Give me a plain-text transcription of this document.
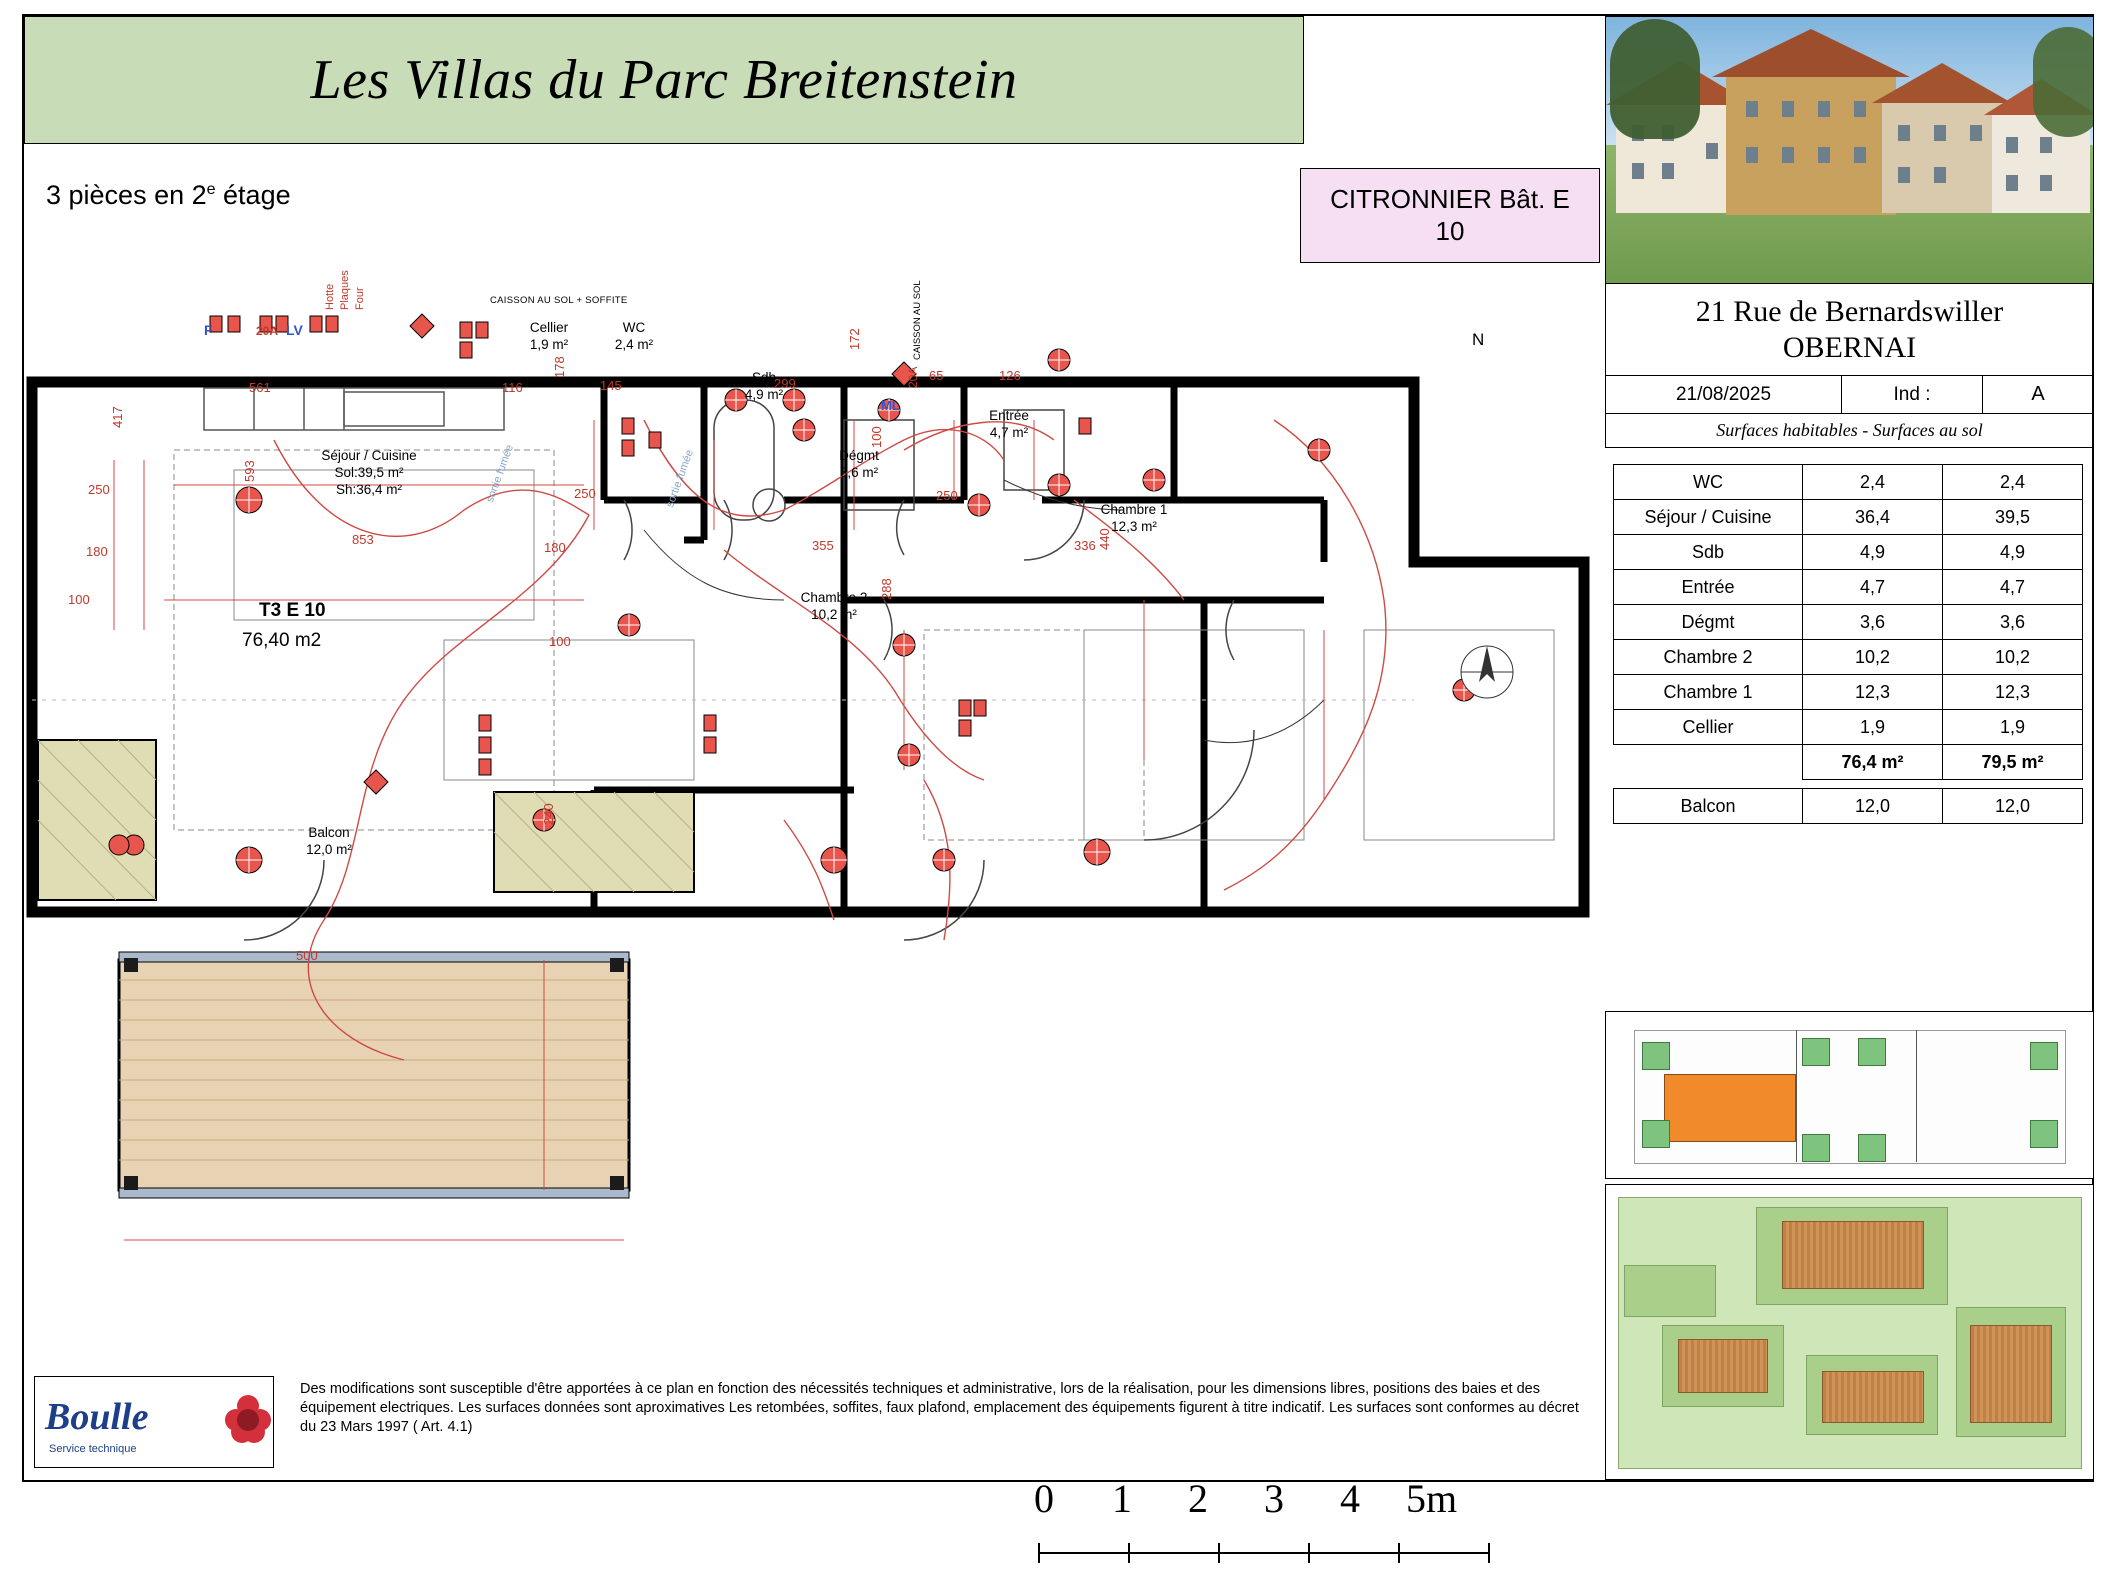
Les Villas du Parc Breitenstein
3 pièces en 2e étage	CITRONNIER Bât. E
10
21 Rue de Bernardswiller
OBERNAI
21/08/2025	Ind :	A
Surfaces habitables - Surfaces au sol
WC	2,4	2,4
Séjour / Cuisine	36,4	39,5
Sdb	4,9	4,9
Entrée	4,7	4,7
Dégmt	3,6	3,6
Chambre 2	10,2	10,2
Chambre 1	12,3	12,3
Cellier	1,9	1,9
	76,4 m²	79,5 m²

Balcon	12,0	12,0
Cellier
1,9 m²
WC
2,4 m²
Sdb
4,9 m²
Entrée
4,7 m²
Dégmt
3,6 m²
Chambre 1
12,3 m²
Chambre 2
10,2 m²
Balcon
12,0 m²
Séjour / Cuisine
Sol:39,5 m²
Sh:36,4 m²
T3 E 10
76,40 m2
CAISSON AU SOL + SOFFITE	CAISSON AU SOL
sortie fumée	sortie fumée
F	20A LV
Hotte Plaques Four
ML
20A
561	116
178
145	299
172
65	126
417
250
593
853
180
250	250
180
100
100
355
288
336 440
100
240
500
N
0 1 2 3 4 5m
Boulle
Service technique
Des modifications sont susceptible d'être apportées à ce plan en fonction des nécessités techniques et administrative, lors de la réalisation, pour les dimensions libres, positions des baies et des équipement electriques. Les surfaces données sont aproximatives Les retombées, soffites, faux plafond, emplacement des équipements figurent à titre indicatif. Les surfaces sont conformes au décret du 23 Mars 1997 ( Art. 4.1)
